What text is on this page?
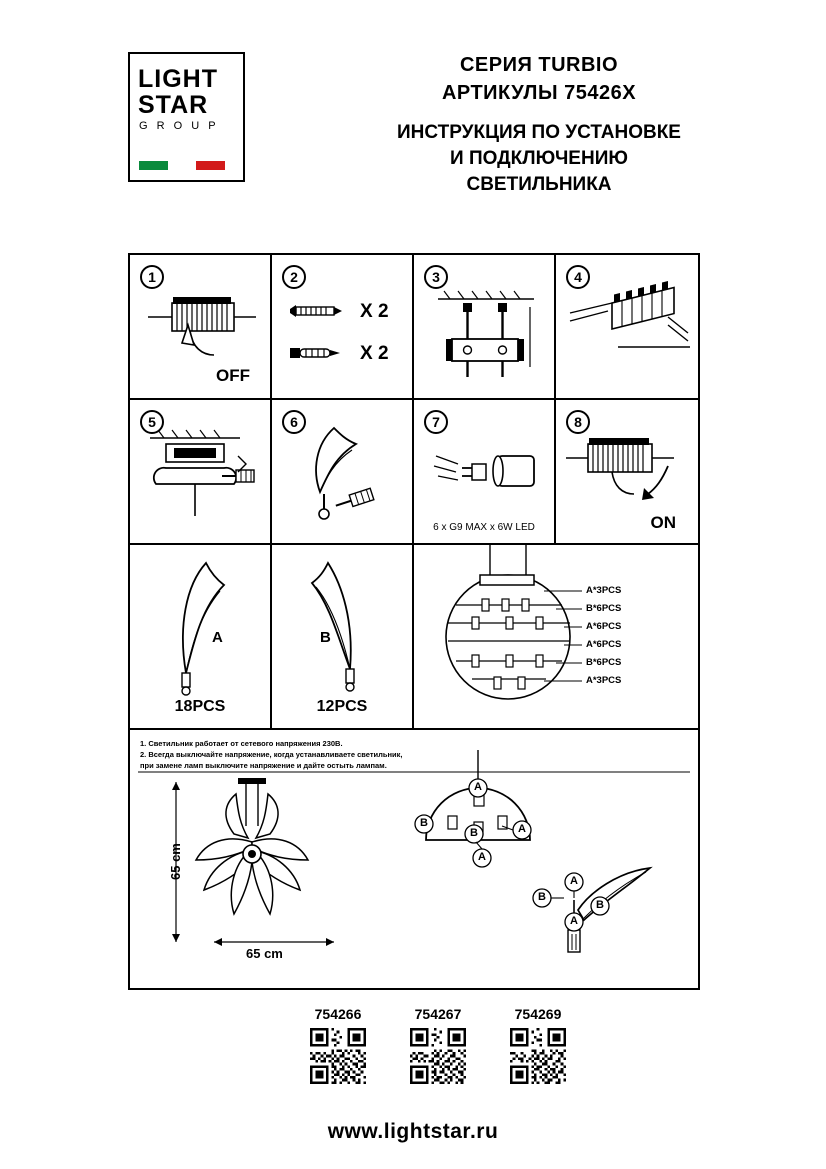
LIGHT
STAR
G R O U P
СЕРИЯ TURBIO
АРТИКУЛЫ 75426X
ИНСТРУКЦИЯ ПО УСТАНОВКЕ
И ПОДКЛЮЧЕНИЮ СВЕТИЛЬНИКА
1
OFF
2
X 2
X 2
3	4
5	6	7
6 x G9 MAX x 6W LED
8
ON
A
18PCS
B
12PCS
A*3PCS
B*6PCS
A*6PCS
A*6PCS
B*6PCS
A*3PCS
1. Светильник работает от сетевого напряжения 230В.
2. Всегда выключайте напряжение, когда устанавливаете светильник,
при замене ламп выключите напряжение и дайте остыть лампам.
65 cm
65 cm
A
B
B	A
A
B
A
A
B
754266	754267	754269
www.lightstar.ru
